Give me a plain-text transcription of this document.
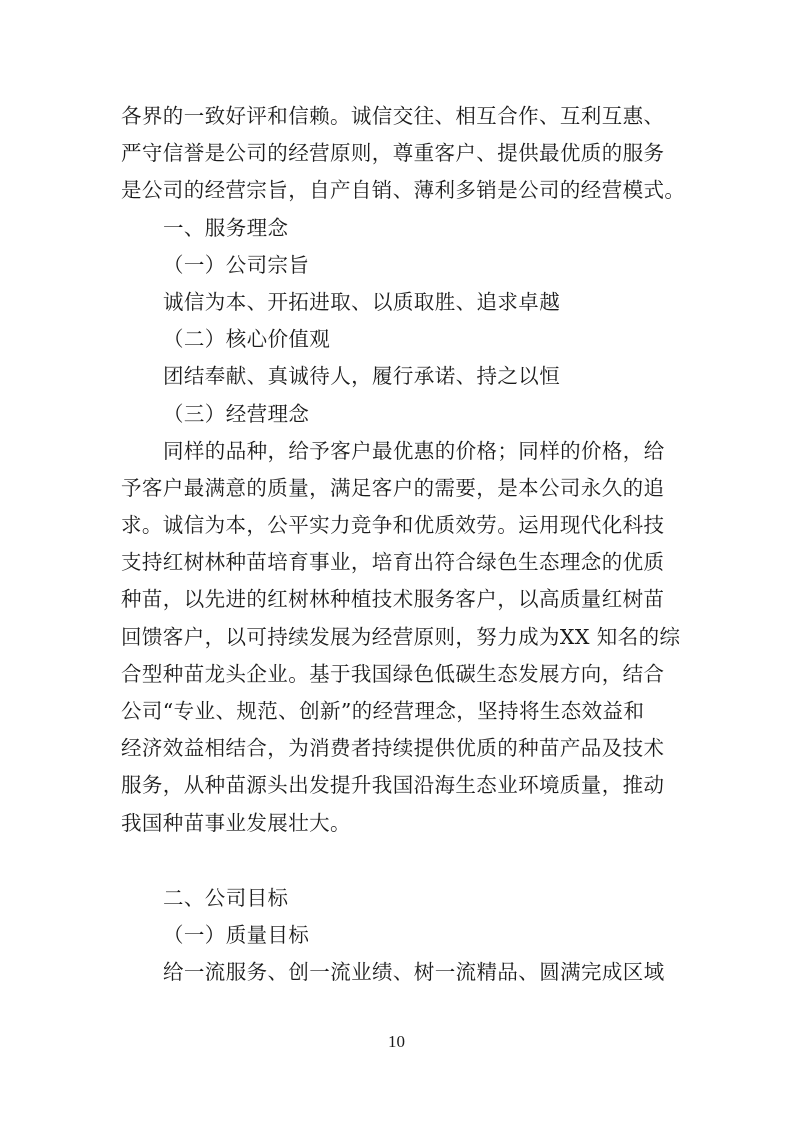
各界的一致好评和信赖。诚信交往、相互合作、互利互惠、
严守信誉是公司的经营原则，尊重客户、提供最优质的服务
是公司的经营宗旨，自产自销、薄利多销是公司的经营模式。
一、服务理念
（一）公司宗旨
诚信为本、开拓进取、以质取胜、追求卓越
（二）核心价值观
团结奉献、真诚待人，履行承诺、持之以恒
（三）经营理念
同样的品种，给予客户最优惠的价格；同样的价格，给
予客户最满意的质量，满足客户的需要，是本公司永久的追
求。诚信为本，公平实力竞争和优质效劳。运用现代化科技
支持红树林种苗培育事业，培育出符合绿色生态理念的优质
种苗，以先进的红树林种植技术服务客户，以高质量红树苗
回馈客户，以可持续发展为经营原则，努力成为XX 知名的综
合型种苗龙头企业。基于我国绿色低碳生态发展方向，结合
公司“专业、规范、创新”的经营理念，坚持将生态效益和
经济效益相结合，为消费者持续提供优质的种苗产品及技术
服务，从种苗源头出发提升我国沿海生态业环境质量，推动
我国种苗事业发展壮大。
二、公司目标
（一）质量目标
给一流服务、创一流业绩、树一流精品、圆满完成区域
10
